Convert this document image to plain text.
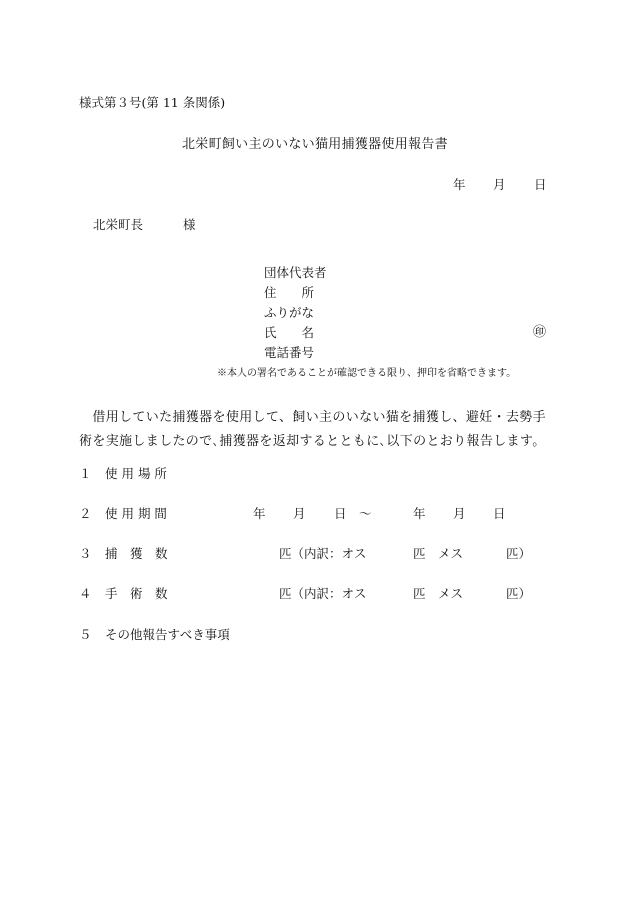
様式第３号(第 11 条関係)
北栄町飼い主のいない猫用捕獲器使用報告書
年 月 日
北栄町長	様
団体代表者
住　　所
ふりがな
氏　　名
電話番号
㊞
※本人の署名であることが確認できる限り、押印を省略できます。
　借用していた捕獲器を使用して、飼い主のいない猫を捕獲し、避妊・去勢手術を実施しましたので､捕獲器を返却するとともに､以下のとおり報告します。
１ 使 用 場 所
２ 使 用 期 間	年 月 日 ～	年 月 日
３ 捕　獲　数	匹（内訳：オス	匹　メス	匹）
４ 手　術　数	匹（内訳：オス	匹　メス	匹）
５ その他報告すべき事項
